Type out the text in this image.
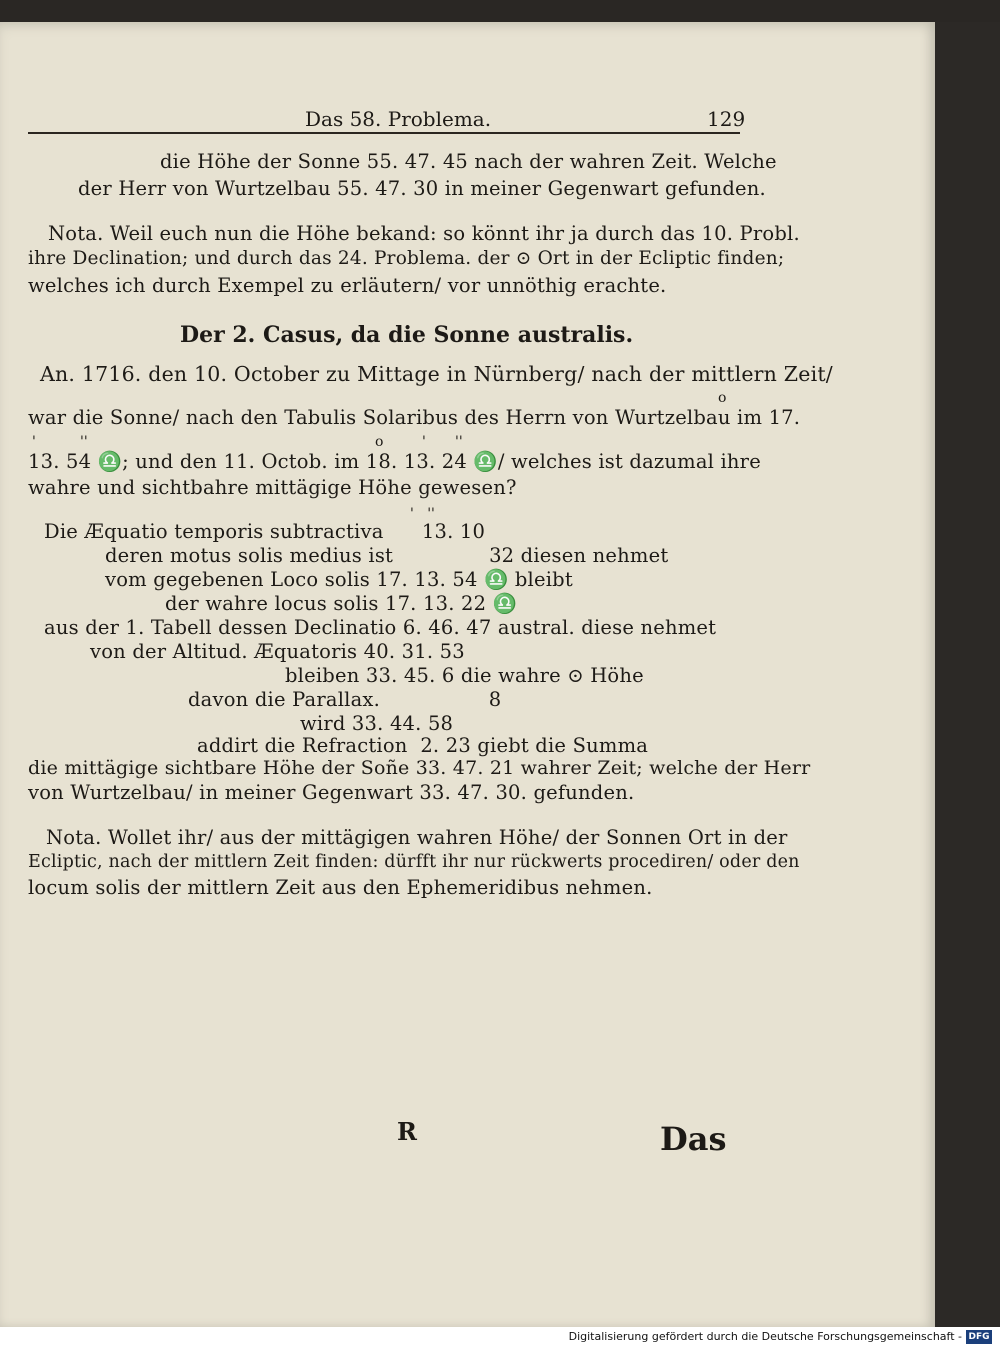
Das 58. Problema.	129
die Höhe der Sonne 55. 47. 45 nach der wahren Zeit. Welche
der Herr von Wurtzelbau 55. 47. 30 in meiner Gegenwart gefunden.
Nota. Weil euch nun die Höhe bekand: so könnt ihr ja durch das 10. Probl.
ihre Declination; und durch das 24. Problema. der ⊙ Ort in der Ecliptic finden;
welches ich durch Exempel zu erläutern/ vor unnöthig erachte.
Der 2. Casus, da die Sonne australis.
An. 1716. den 10. October zu Mittage in Nürnberg/ nach der mittlern Zeit/
o
war die Sonne/ nach den Tabulis Solaribus des Herrn von Wurtzelbau im 17.
'	''	o	' ''
13. 54 ♎; und den 11. Octob. im 18. 13. 24 ♎/ welches ist dazumal ihre
wahre und sichtbahre mittägige Höhe gewesen?
'   ''
Die Æquatio temporis subtractiva      13. 10
deren motus solis medius ist               32 diesen nehmet
vom gegebenen Loco solis 17. 13. 54 ♎ bleibt
der wahre locus solis 17. 13. 22 ♎
aus der 1. Tabell dessen Declinatio 6. 46. 47 austral. diese nehmet
von der Altitud. Æquatoris 40. 31. 53
bleiben 33. 45. 6 die wahre ⊙ Höhe
davon die Parallax.                 8
wird 33. 44. 58
addirt die Refraction  2. 23 giebt die Summa
die mittägige sichtbare Höhe der Soñe 33. 47. 21 wahrer Zeit; welche der Herr
von Wurtzelbau/ in meiner Gegenwart 33. 47. 30. gefunden.
Nota. Wollet ihr/ aus der mittägigen wahren Höhe/ der Sonnen Ort in der
Ecliptic, nach der mittlern Zeit finden: dürfft ihr nur rückwerts procediren/ oder den
locum solis der mittlern Zeit aus den Ephemeridibus nehmen.
R	Das
Digitalisierung gefördert durch die Deutsche Forschungsgemeinschaft - DFG
